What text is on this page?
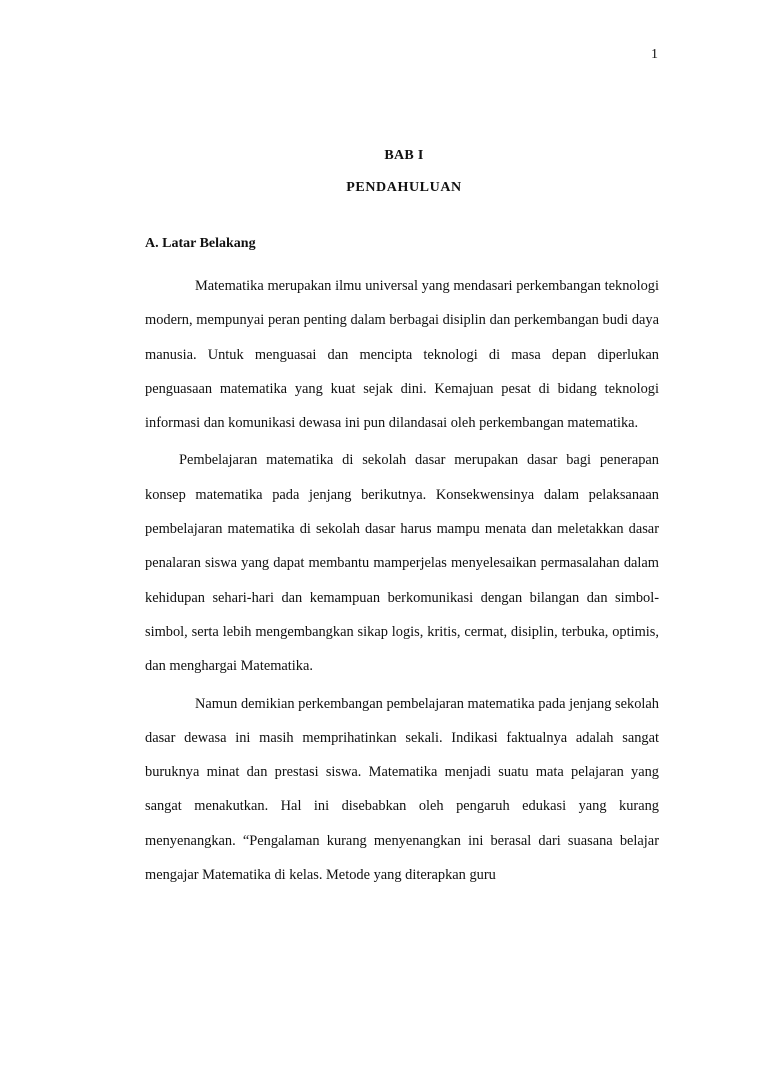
1
BAB I
PENDAHULUAN
A. Latar Belakang

Matematika merupakan ilmu universal yang mendasari perkembangan teknologi modern, mempunyai peran penting dalam berbagai disiplin dan perkembangan budi daya manusia. Untuk menguasai dan mencipta teknologi di masa depan diperlukan penguasaan matematika yang kuat sejak dini. Kemajuan pesat di bidang teknologi informasi dan komunikasi dewasa ini pun dilandasai oleh perkembangan matematika.

Pembelajaran matematika di sekolah dasar merupakan dasar bagi penerapan konsep matematika pada jenjang berikutnya. Konsekwensinya dalam pelaksanaan pembelajaran matematika di sekolah dasar harus mampu menata dan meletakkan dasar penalaran siswa yang dapat membantu mamperjelas menyelesaikan permasalahan dalam kehidupan sehari-hari dan kemampuan berkomunikasi dengan bilangan dan simbol-simbol, serta lebih mengembangkan sikap logis, kritis, cermat, disiplin, terbuka, optimis, dan menghargai Matematika.

Namun demikian perkembangan pembelajaran matematika pada jenjang sekolah dasar dewasa ini masih memprihatinkan sekali. Indikasi faktualnya adalah sangat buruknya minat dan prestasi siswa. Matematika menjadi suatu mata pelajaran yang sangat menakutkan. Hal ini disebabkan oleh pengaruh edukasi yang kurang menyenangkan. “Pengalaman kurang menyenangkan ini berasal dari suasana belajar mengajar Matematika di kelas. Metode yang diterapkan guru
